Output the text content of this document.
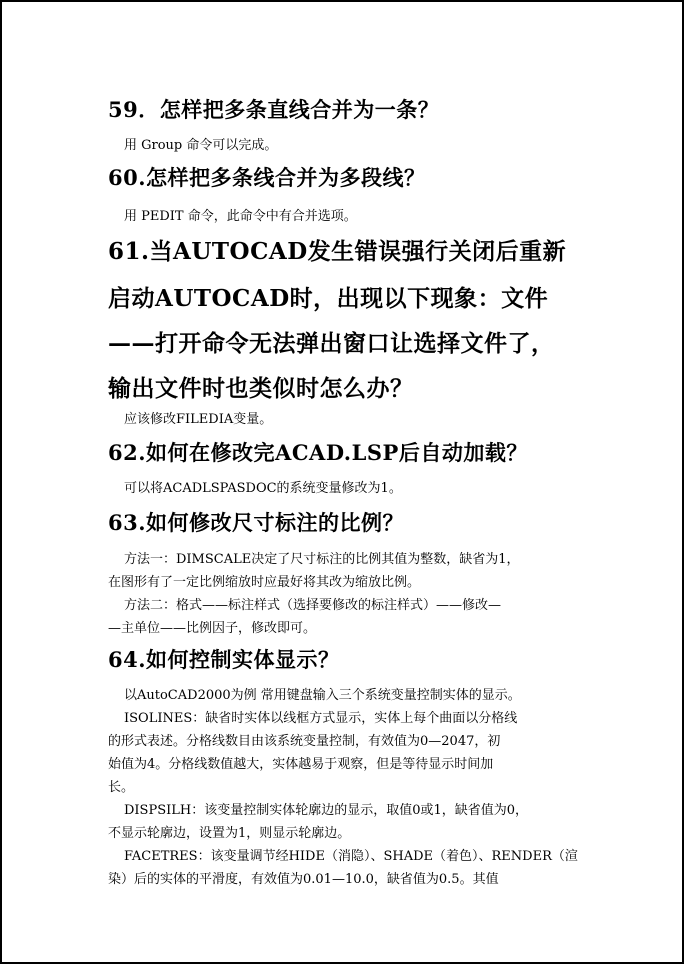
59．怎样把多条直线合并为一条？
用 Group 命令可以完成。
60.怎样把多条线合并为多段线？
用 PEDIT 命令，此命令中有合并选项。
61.当AUTOCAD发生错误强行关闭后重新
启动AUTOCAD时，出现以下现象：文件
——打开命令无法弹出窗口让选择文件了，
输出文件时也类似时怎么办？
应该修改FILEDIA变量。
62.如何在修改完ACAD.LSP后自动加载？
可以将ACADLSPASDOC的系统变量修改为1。
63.如何修改尺寸标注的比例？
方法一：DIMSCALE决定了尺寸标注的比例其值为整数，缺省为1，
在图形有了一定比例缩放时应最好将其改为缩放比例。
方法二：格式——标注样式（选择要修改的标注样式）——修改—
—主单位——比例因子，修改即可。
64.如何控制实体显示？
以AutoCAD2000为例 常用键盘输入三个系统变量控制实体的显示。
ISOLINES：缺省时实体以线框方式显示，实体上每个曲面以分格线
的形式表述。分格线数目由该系统变量控制，有效值为0—2047，初
始值为4。分格线数值越大，实体越易于观察，但是等待显示时间加
长。
DISPSILH：该变量控制实体轮廓边的显示，取值0或1，缺省值为0，
不显示轮廓边，设置为1，则显示轮廓边。
FACETRES：该变量调节经HIDE（消隐）、SHADE（着色）、RENDER（渲
染）后的实体的平滑度，有效值为0.01—10.0，缺省值为0.5。其值
